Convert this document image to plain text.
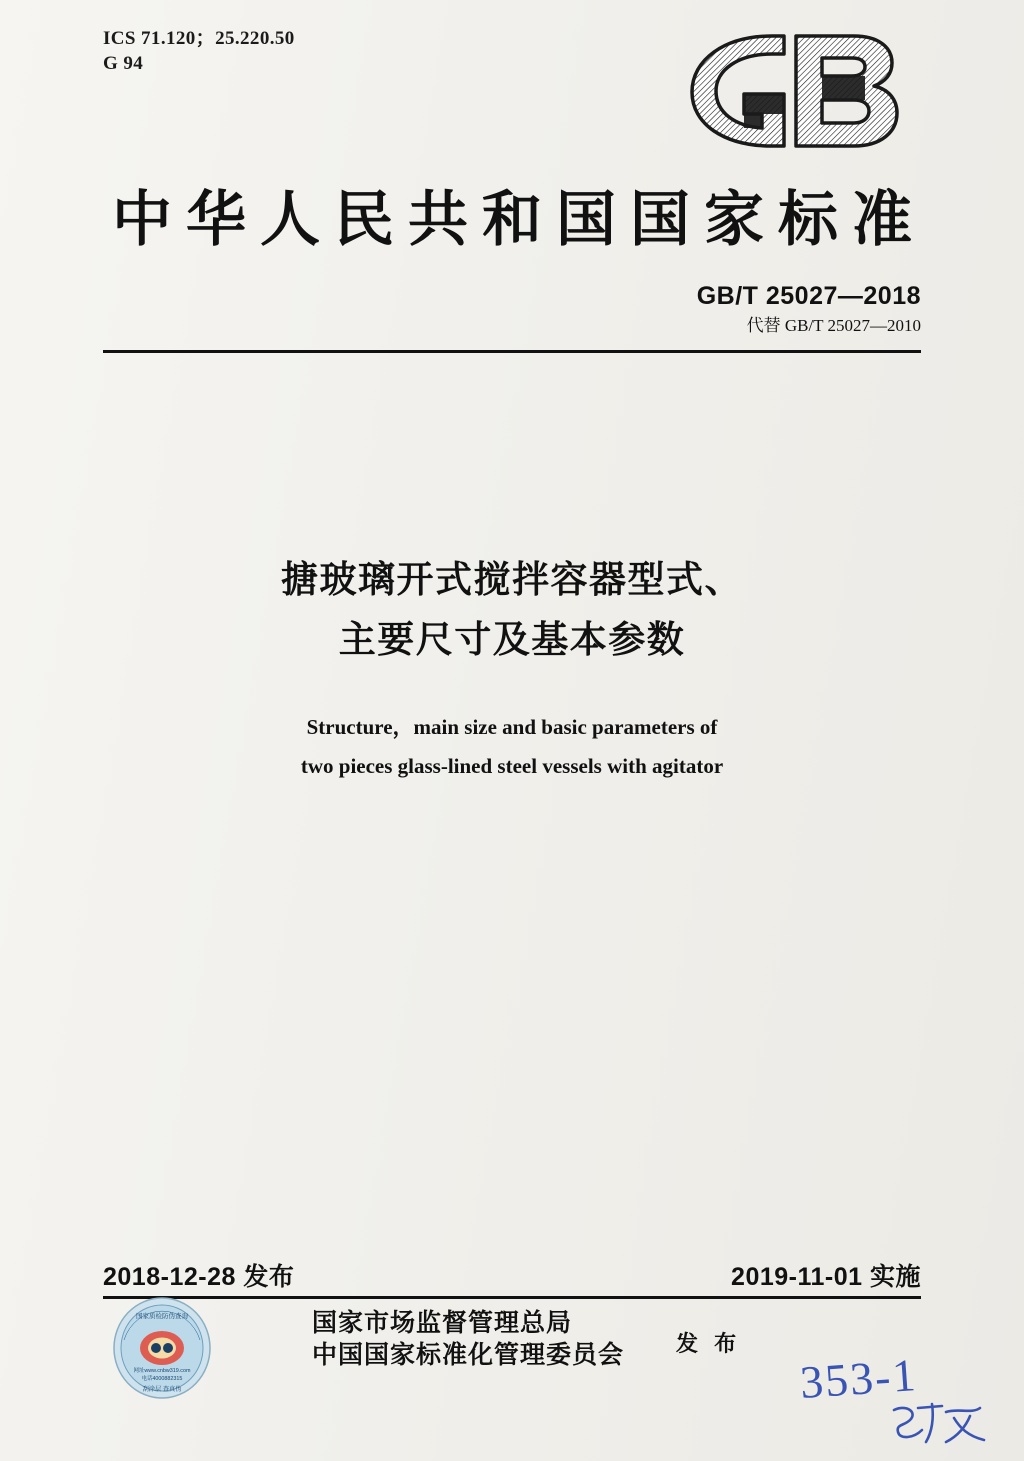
ICS 71.120；25.220.50
G 94
中华人民共和国国家标准
GB/T 25027—2018
代替 GB/T 25027—2010
搪玻璃开式搅拌容器型式、
主要尺寸及基本参数
Structure，main size and basic parameters of
two pieces glass-lined steel vessels with agitator
2018-12-28 发布	2019-11-01 实施
国家市场监督管理总局
中国国家标准化管理委员会 发 布
国家质检防伪查询
网址www.cnbw319.com
电话4000882315
刮涂层 查真伪	353-1
